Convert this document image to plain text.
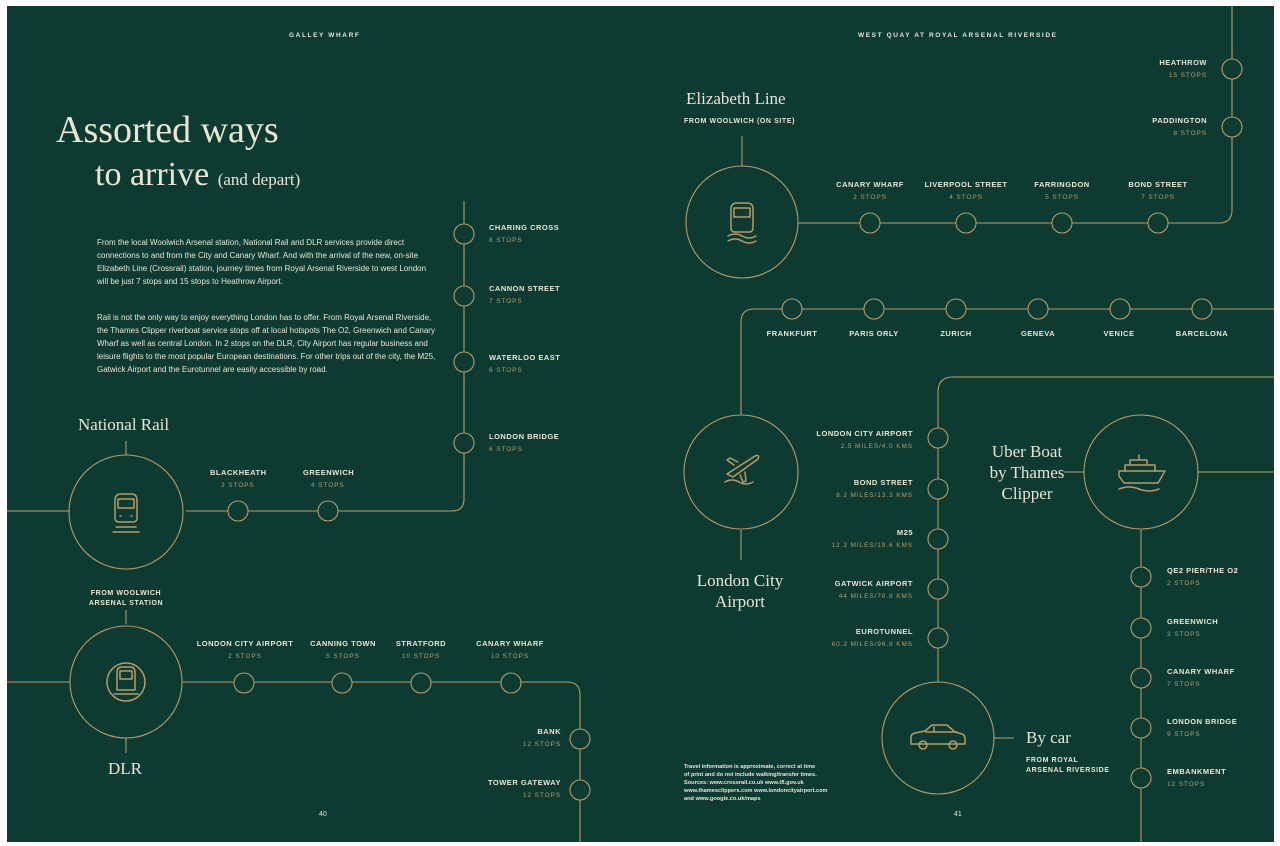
GALLEY WHARF	WEST QUAY AT ROYAL ARSENAL RIVERSIDE
Assorted ways
to arrive (and depart)
From the local Woolwich Arsenal station, National Rail and DLR services provide direct connections to and from the City and Canary Wharf. And with the arrival of the new, on-site Elizabeth Line (Crossrail) station, journey times from Royal Arsenal Riverside to west London will be just 7 stops and 15 stops to Heathrow Airport.
Rail is not the only way to enjoy everything London has to offer. From Royal Arsenal Riverside, the Thames Clipper riverboat service stops off at local hotspots The O2, Greenwich and Canary Wharf as well as central London. In 2 stops on the DLR, City Airport has regular business and leisure flights to the most popular European destinations. For other trips out of the city, the M25, Gatwick Airport and the Eurotunnel are easily accessible by road.
National Rail
FROM WOOLWICH
ARSENAL STATION
BLACKHEATH
3 STOPS
GREENWICH
4 STOPS
LONDON BRIDGE
6 STOPS
WATERLOO EAST
6 STOPS
CANNON STREET
7 STOPS
CHARING CROSS
8 STOPS
DLR
LONDON CITY AIRPORT
2 STOPS
CANNING TOWN
5 STOPS
STRATFORD
10 STOPS
CANARY WHARF
10 STOPS
BANK
12 STOPS
TOWER GATEWAY
12 STOPS
Elizabeth Line
FROM WOOLWICH (ON SITE)
CANARY WHARF
2 STOPS
LIVERPOOL STREET
4 STOPS
FARRINGDON
5 STOPS
BOND STREET
7 STOPS
PADDINGTON
8 STOPS
HEATHROW
15 STOPS
London City
Airport
FRANKFURT	PARIS ORLY	ZURICH	GENEVA	VENICE	BARCELONA
By car
FROM ROYAL
ARSENAL RIVERSIDE
LONDON CITY AIRPORT
2.5 MILES/4.0 KMS
BOND STREET
8.2 MILES/13.3 KMS
M25
12.2 MILES/19.6 KMS
GATWICK AIRPORT
44 MILES/70.8 KMS
EUROTUNNEL
60.2 MILES/96.8 KMS
Uber Boat
by Thames
Clipper
QE2 PIER/THE O2
2 STOPS
GREENWICH
3 STOPS
CANARY WHARF
7 STOPS
LONDON BRIDGE
9 STOPS
EMBANKMENT
12 STOPS
Travel information is approximate, correct at time
of print and do not include walking/transfer times.
Sources: www.crossrail.co.uk www.tfl.gov.uk
www.thamesclippers.com www.londoncityairport.com
and www.google.co.uk/maps
40	41
